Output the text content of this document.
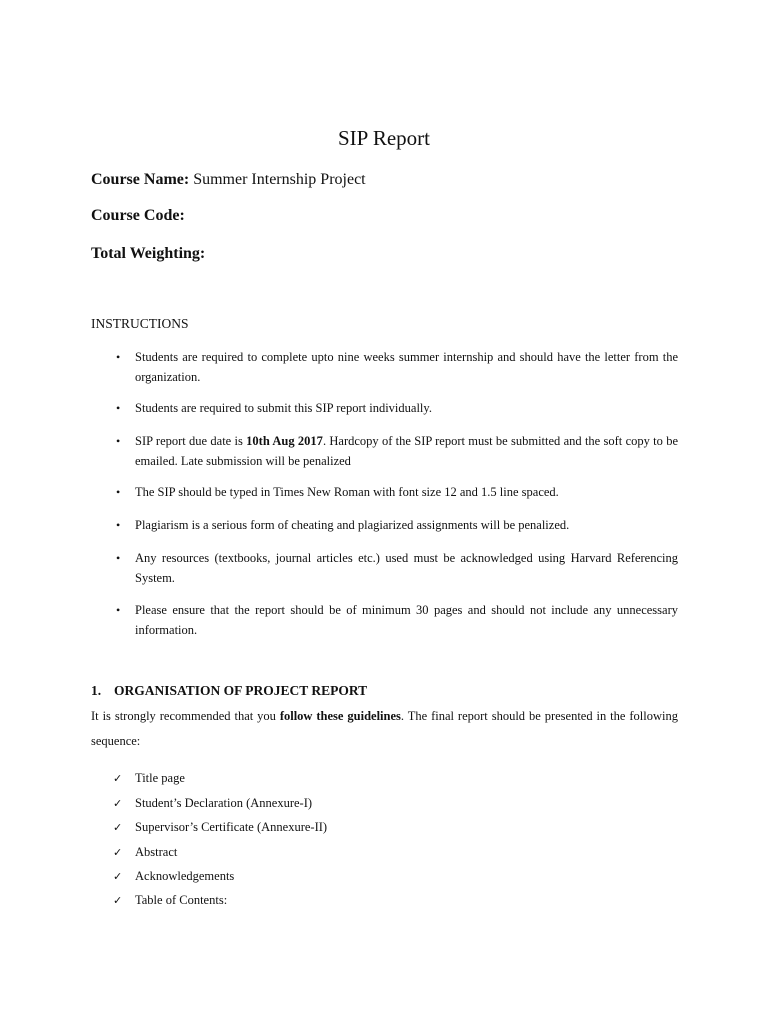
SIP Report
Course Name: Summer Internship Project
Course Code:
Total Weighting:
INSTRUCTIONS
•	Students are required to complete upto nine weeks summer internship and should have the letter from the organization.
•	Students are required to submit this SIP report individually.
•	SIP report due date is 10th Aug 2017. Hardcopy of the SIP report must be submitted and the soft copy to be emailed. Late submission will be penalized
•	The SIP should be typed in Times New Roman with font size 12 and 1.5 line spaced.
•	Plagiarism is a serious form of cheating and plagiarized assignments will be penalized.
•	Any resources (textbooks, journal articles etc.) used must be acknowledged using Harvard Referencing System.
•	Please ensure that the report should be of minimum 30 pages and should not include any unnecessary information.
1. ORGANISATION OF PROJECT REPORT
It is strongly recommended that you follow these guidelines. The final report should be presented in the following sequence:
✓ Title page
✓ Student’s Declaration (Annexure-I)
✓ Supervisor’s Certificate (Annexure-II)
✓ Abstract
✓ Acknowledgements
✓ Table of Contents:
